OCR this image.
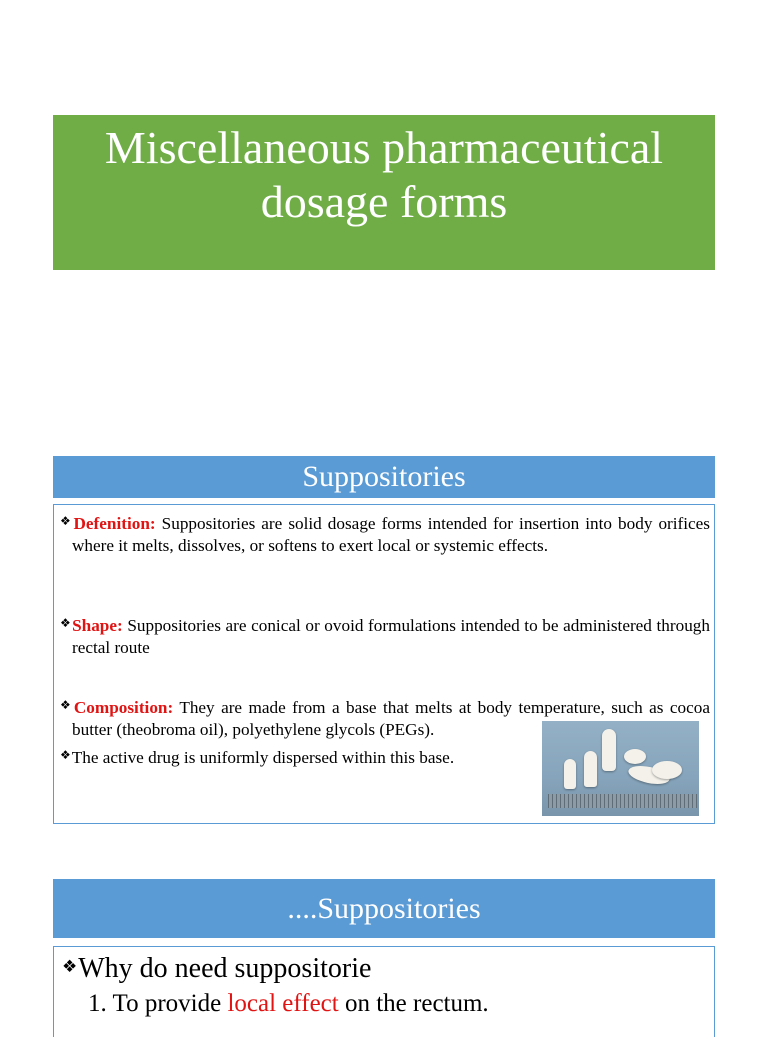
Miscellaneous pharmaceutical dosage forms
Suppositories
❖Defenition: Suppositories are solid dosage forms intended for insertion into body orifices where it melts, dissolves, or softens to exert local or systemic effects.
❖Shape: Suppositories are conical or ovoid formulations intended to be administered through rectal route
❖Composition: They are made from a base that melts at body temperature, such as cocoa butter (theobroma oil), polyethylene glycols (PEGs).
❖The active drug is uniformly dispersed within this base.
....Suppositories
❖Why do need suppositorie
1. To provide local effect on the rectum.
